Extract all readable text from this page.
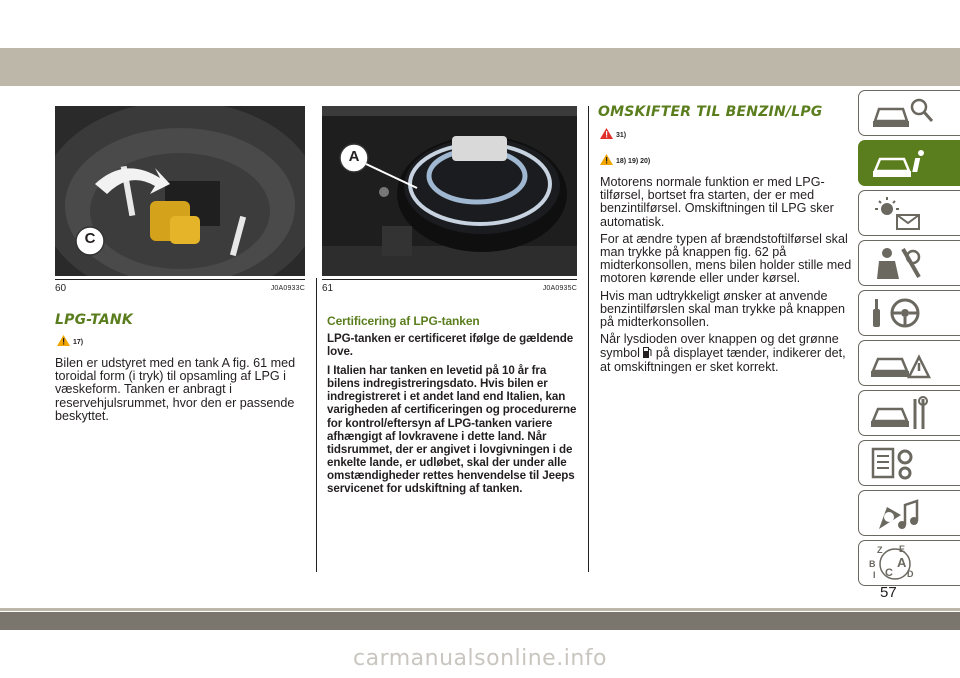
C
60	J0A0933C
A
61	J0A0935C
LPG-TANK
17)

Bilen er udstyret med en tank A fig. 61 med toroidal form (i tryk) til opsamling af LPG i væskeform. Tanken er anbragt i reservehjulsrummet, hvor den er passende beskyttet.

Certificering af LPG-tanken

LPG-tanken er certificeret ifølge de gældende love.

I Italien har tanken en levetid på 10 år fra bilens indregistreringsdato. Hvis bilen er indregistreret i et andet land end Italien, kan varigheden af certificeringen og procedurerne for kontrol/eftersyn af LPG-tanken variere afhængigt af lovkravene i dette land. Når tidsrummet, der er angivet i lovgivningen i de enkelte lande, er udløbet, skal der under alle omstændigheder rettes henvendelse til Jeeps servicenet for udskiftning af tanken.

OMSKIFTER TIL BENZIN/LPG
31)
18) 19) 20)

Motorens normale funktion er med LPG-tilførsel, bortset fra starten, der er med benzintilførsel. Omskiftningen til LPG sker automatisk.

For at ændre typen af brændstoftilførsel skal man trykke på knappen fig. 62 på midterkonsollen, mens bilen holder stille med motoren kørende eller under kørsel.

Hvis man udtrykkeligt ønsker at anvende benzintilførslen skal man trykke på knappen på midterkonsollen.

Når lysdioden over knappen og det grønne symbol  på displayet tænder, indikerer det, at omskiftningen er sket korrekt.

Z E
A
B
C D
I
57
carmanualsonline.info
